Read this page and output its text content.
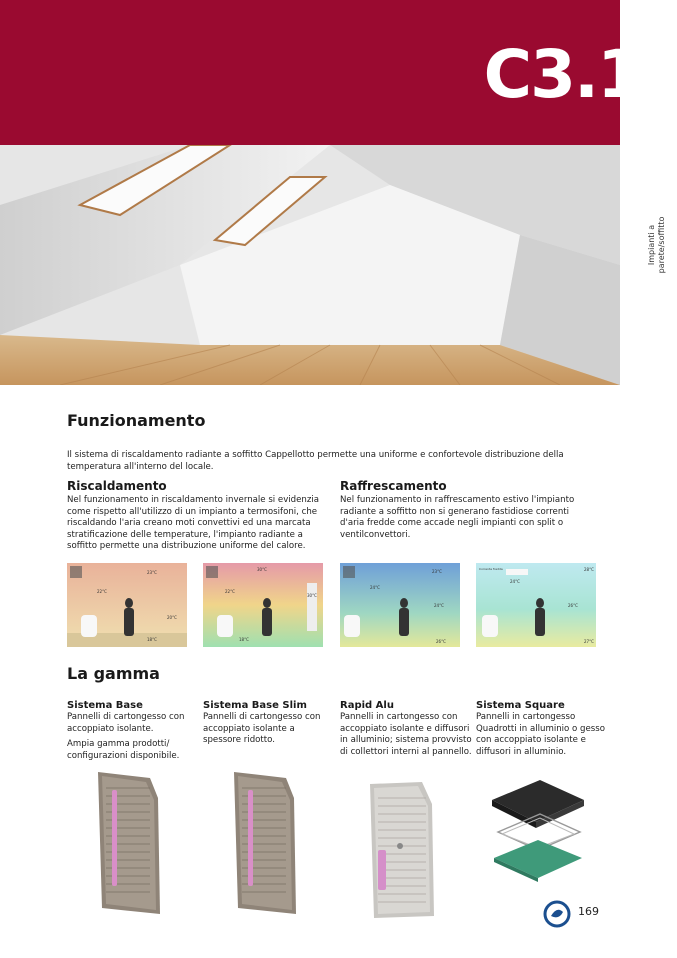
C3.1
Impianti a parete/soffitto
Funzionamento

Il sistema di riscaldamento radiante a soffitto Cappellotto permette una uniforme e confortevole distribuzione della temperatura all'interno del locale.

Riscaldamento

Nel funzionamento in riscaldamento invernale si evidenzia come rispetto all'utilizzo di un impianto a termosifoni, che riscaldando l'aria creano moti convettivi ed una marcata stratificazione delle temperature, l'impianto radiante a soffitto permette una distribuzione uniforme del calore.

Raffrescamento

Nel funzionamento in raffrescamento estivo l'impianto radiante a soffitto non si generano fastidiose correnti d'aria fredde come accade negli impianti con split o ventilconvettori.

23°C
22°C
20°C
18°C
30°C
22°C
30°C
18°C
23°C
24°C
24°C
26°C
Corrente fredda
24°C
28°C
26°C
27°C
La gamma
Sistema Base
Pannelli di cartongesso con accoppiato isolante.
Ampia gamma prodotti/ configurazioni disponibile.
Sistema Base Slim
Pannelli di cartongesso con accoppiato isolante a spessore ridotto.
Rapid Alu
Pannelli in cartongesso con accoppiato isolante e diffusori in alluminio; sistema provvisto di collettori interni al pannello.
Sistema Square
Pannelli in cartongesso Quadrotti in alluminio o gesso con accoppiato isolante e diffusori in alluminio.
169
